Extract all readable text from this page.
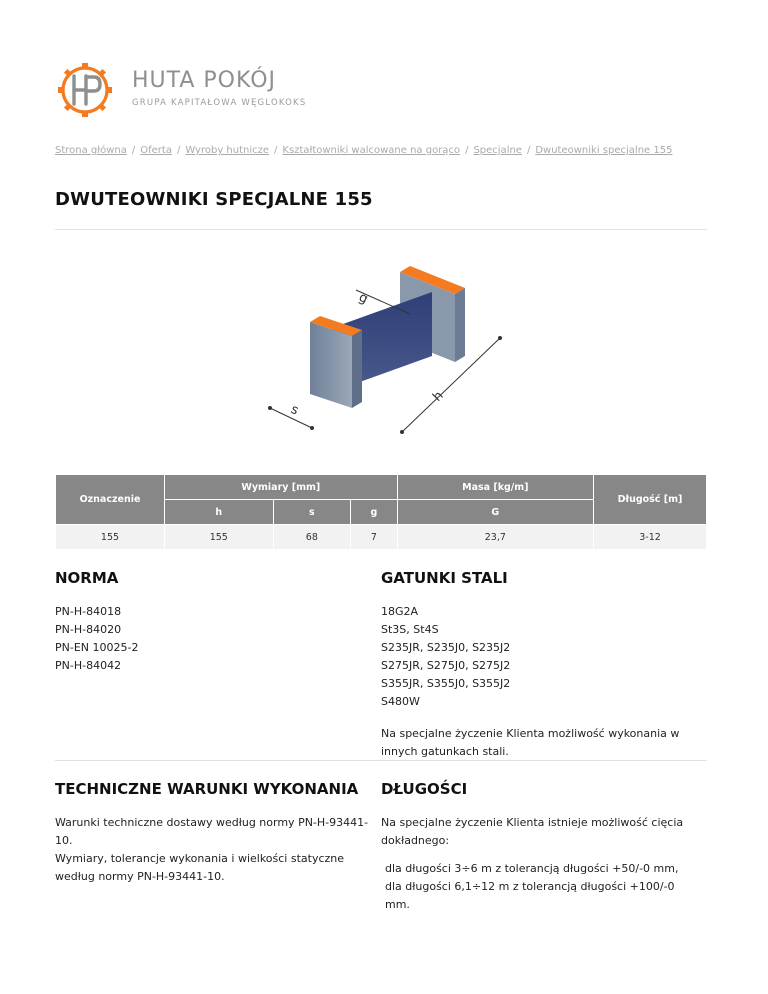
HUTA POKÓJ
GRUPA KAPITAŁOWA WĘGLOKOKS
Strona główna / Oferta / Wyroby hutnicze / Kształtowniki walcowane na gorąco / Specjalne / Dwuteowniki specjalne 155
DWUTEOWNIKI SPECJALNE 155
g
s
h
Oznaczenie	Wymiary [mm]			Masa [kg/m]	Długość [m]
	h	s	g	G	
155	155	68	7	23,7	3-12
NORMA
PN-H-84018
PN-H-84020
PN-EN 10025-2
PN-H-84042
GATUNKI STALI
18G2A
St3S, St4S
S235JR, S235J0, S235J2
S275JR, S275J0, S275J2
S355JR, S355J0, S355J2
S480W

Na specjalne życzenie Klienta możliwość wykonania w innych gatunkach stali.

TECHNICZNE WARUNKI WYKONANIA

Warunki techniczne dostawy według normy PN-H-93441-10.

Wymiary, tolerancje wykonania i wielkości statyczne według normy PN-H-93441-10.

DŁUGOŚCI

Na specjalne życzenie Klienta istnieje możliwość cięcia dokładnego:

dla długości 3÷6 m z tolerancją długości +50/-0 mm,
dla długości 6,1÷12 m z tolerancją długości +100/-0 mm.
